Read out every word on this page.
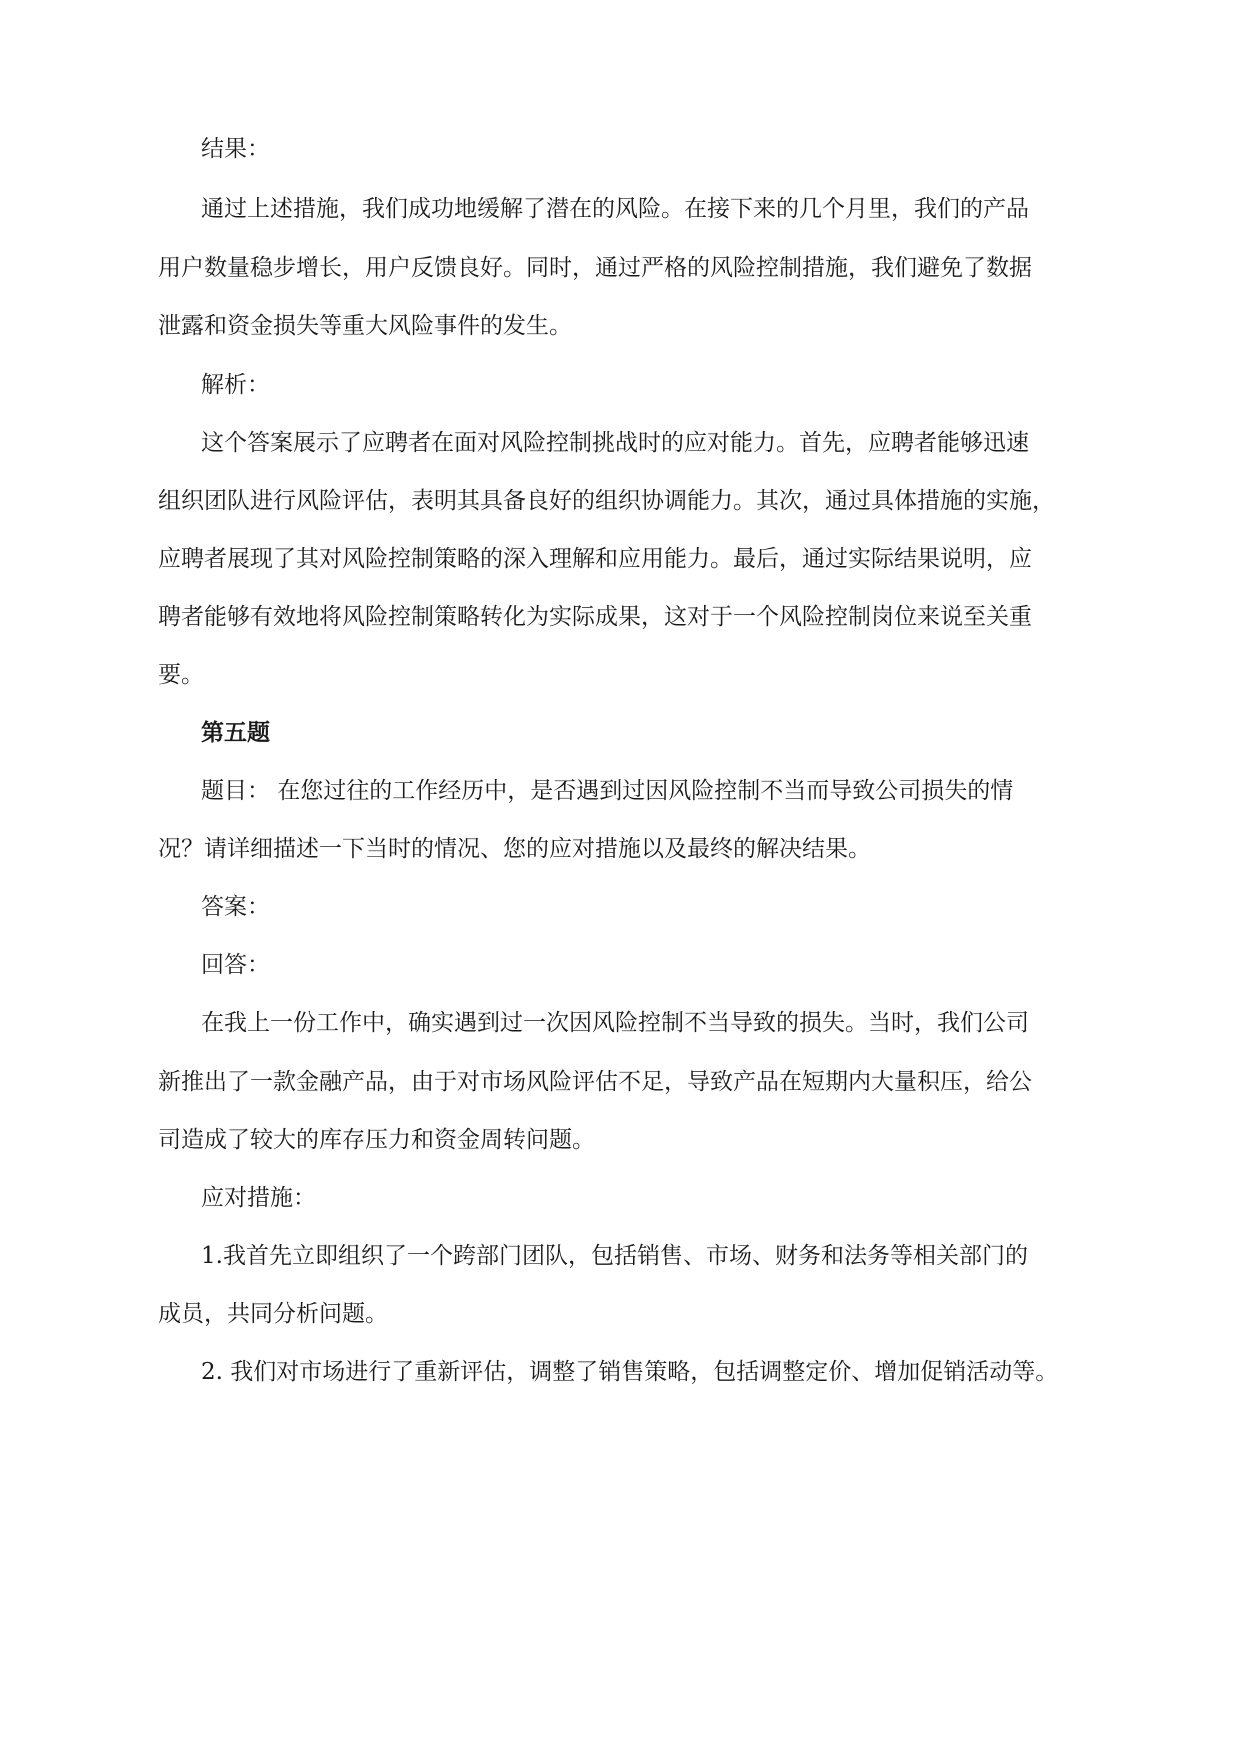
结果：
通过上述措施，我们成功地缓解了潜在的风险。在接下来的几个月里，我们的产品
用户数量稳步增长，用户反馈良好。同时，通过严格的风险控制措施，我们避免了数据
泄露和资金损失等重大风险事件的发生。
解析：
这个答案展示了应聘者在面对风险控制挑战时的应对能力。首先，应聘者能够迅速
组织团队进行风险评估，表明其具备良好的组织协调能力。其次，通过具体措施的实施，
应聘者展现了其对风险控制策略的深入理解和应用能力。最后，通过实际结果说明，应
聘者能够有效地将风险控制策略转化为实际成果，这对于一个风险控制岗位来说至关重
要。
第五题
题目： 在您过往的工作经历中，是否遇到过因风险控制不当而导致公司损失的情
况？请详细描述一下当时的情况、您的应对措施以及最终的解决结果。
答案：
回答：
在我上一份工作中，确实遇到过一次因风险控制不当导致的损失。当时，我们公司
新推出了一款金融产品，由于对市场风险评估不足，导致产品在短期内大量积压，给公
司造成了较大的库存压力和资金周转问题。
应对措施：
1.我首先立即组织了一个跨部门团队，包括销售、市场、财务和法务等相关部门的
成员，共同分析问题。
2. 我们对市场进行了重新评估，调整了销售策略，包括调整定价、增加促销活动等。
